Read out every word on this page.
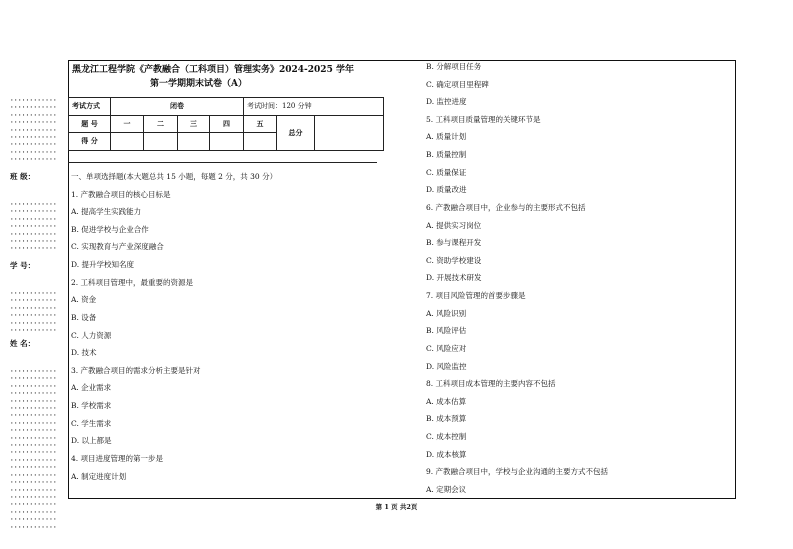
············
············
············
············
············
············
············
············
············
············
············
············
············
············
············
············
············
············
············
············
············
············
············
············
············
············
············
············
············
············
············
············
············
············
············
············
············
············
············
············
············
············
············
············
班 级：
学 号：
姓 名：
黑龙江工程学院《产教融合（工科项目）管理实务》2024-2025 学年
第一学期期末试卷（A）
考试方式	闭卷				考试时间：120 分钟		
题 号	一	二	三	四	五	总分	
得 分							
一、单项选择题(本大题总共 15 小题，每题 2 分，共 30 分）
1. 产教融合项目的核心目标是
A. 提高学生实践能力
B. 促进学校与企业合作
C. 实现教育与产业深度融合
D. 提升学校知名度
2. 工科项目管理中，最重要的资源是
A. 资金
B. 设备
C. 人力资源
D. 技术
3. 产教融合项目的需求分析主要是针对
A. 企业需求
B. 学校需求
C. 学生需求
D. 以上都是
4. 项目进度管理的第一步是
A. 制定进度计划
B. 分解项目任务
C. 确定项目里程碑
D. 监控进度
5. 工科项目质量管理的关键环节是
A. 质量计划
B. 质量控制
C. 质量保证
D. 质量改进
6. 产教融合项目中，企业参与的主要形式不包括
A. 提供实习岗位
B. 参与课程开发
C. 资助学校建设
D. 开展技术研发
7. 项目风险管理的首要步骤是
A. 风险识别
B. 风险评估
C. 风险应对
D. 风险监控
8. 工科项目成本管理的主要内容不包括
A. 成本估算
B. 成本预算
C. 成本控制
D. 成本核算
9. 产教融合项目中，学校与企业沟通的主要方式不包括
A. 定期会议
第 1 页 共2页
